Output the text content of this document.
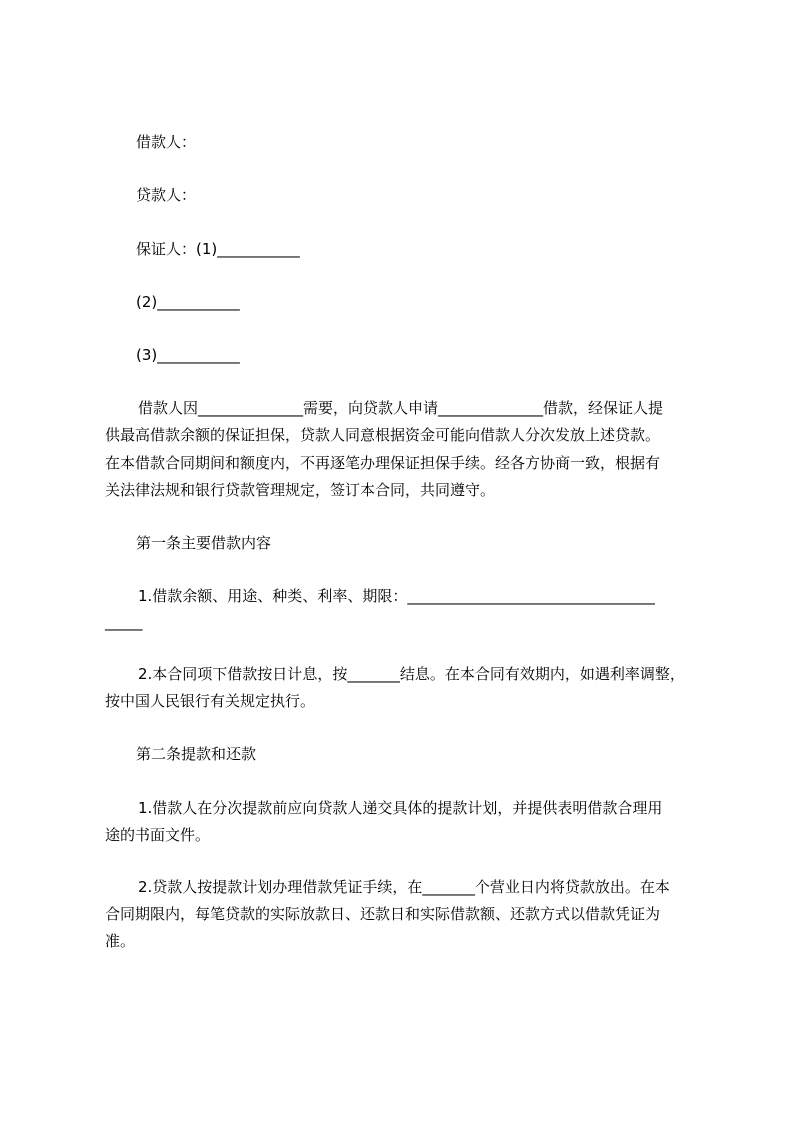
借款人：

贷款人：

保证人：(1)___________

(2)___________

(3)___________

借款人因______________需要，向贷款人申请______________借款，经保证人提

供最高借款余额的保证担保，贷款人同意根据资金可能向借款人分次发放上述贷款。

在本借款合同期间和额度内，不再逐笔办理保证担保手续。经各方协商一致，根据有

关法律法规和银行贷款管理规定，签订本合同，共同遵守。

第一条主要借款内容

1.借款余额、用途、种类、利率、期限：_________________________________

_____

2.本合同项下借款按日计息，按_______结息。在本合同有效期内，如遇利率调整，

按中国人民银行有关规定执行。

第二条提款和还款

1.借款人在分次提款前应向贷款人递交具体的提款计划，并提供表明借款合理用

途的书面文件。

2.贷款人按提款计划办理借款凭证手续，在_______个营业日内将贷款放出。在本

合同期限内，每笔贷款的实际放款日、还款日和实际借款额、还款方式以借款凭证为

准。
